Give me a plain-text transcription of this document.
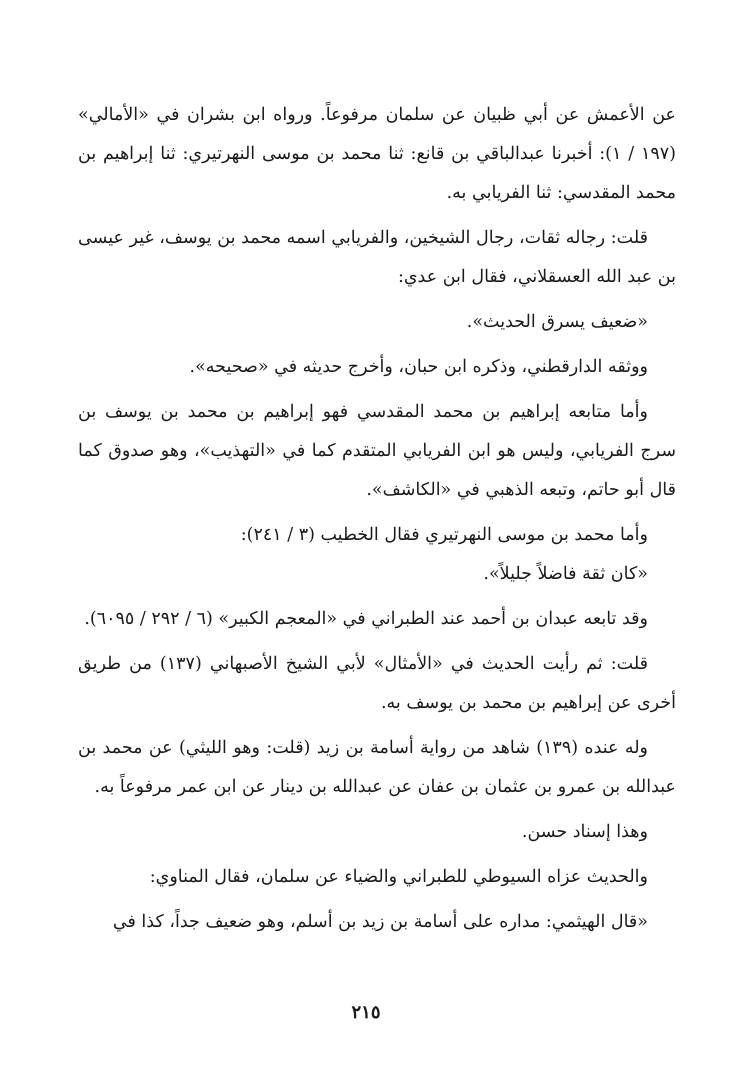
عن الأعمش عن أبي ظبيان عن سلمان مرفوعاً. ورواه ابن بشران في «الأمالي» (١٩٧ / ١): أخبرنا عبدالباقي بن قانع: ثنا محمد بن موسى النهرتيري: ثنا إبراهيم بن محمد المقدسي: ثنا الفريابي به.

قلت: رجاله ثقات، رجال الشيخين، والفريابي اسمه محمد بن يوسف، غير عيسى بن عبد الله العسقلاني، فقال ابن عدي:

«ضعيف يسرق الحديث».

ووثقه الدارقطني، وذكره ابن حبان، وأخرج حديثه في «صحيحه».

وأما متابعه إبراهيم بن محمد المقدسي فهو إبراهيم بن محمد بن يوسف بن سرج الفريابي، وليس هو ابن الفريابي المتقدم كما في «التهذيب»، وهو صدوق كما قال أبو حاتم، وتبعه الذهبي في «الكاشف».

وأما محمد بن موسى النهرتيري فقال الخطيب (٣ / ٢٤١):

«كان ثقة فاضلاً جليلاً».

وقد تابعه عبدان بن أحمد عند الطبراني في «المعجم الكبير» (٦ / ٢٩٢ / ٦٠٩٥).

قلت: ثم رأيت الحديث في «الأمثال» لأبي الشيخ الأصبهاني (١٣٧) من طريق أخرى عن إبراهيم بن محمد بن يوسف به.

وله عنده (١٣٩) شاهد من رواية أسامة بن زيد (قلت: وهو الليثي) عن محمد بن عبدالله بن عمرو بن عثمان بن عفان عن عبدالله بن دينار عن ابن عمر مرفوعاً به.

وهذا إسناد حسن.

والحديث عزاه السيوطي للطبراني والضياء عن سلمان، فقال المناوي:

«قال الهيثمي: مداره على أسامة بن زيد بن أسلم، وهو ضعيف جداً، كذا في

٢١٥
